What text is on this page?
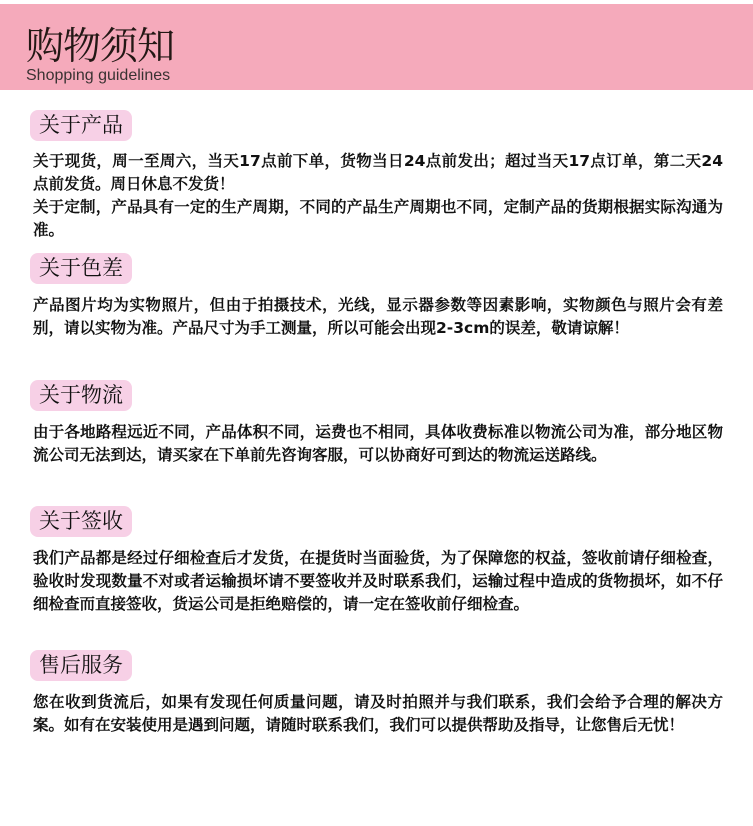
购物须知
Shopping guidelines
关于产品
关于现货，周一至周六，当天17点前下单，货物当日24点前发出；超过当天17点订单，第二天24点前发货。周日休息不发货！
关于定制，产品具有一定的生产周期，不同的产品生产周期也不同，定制产品的货期根据实际沟通为准。
关于色差
产品图片均为实物照片，但由于拍摄技术，光线，显示器参数等因素影响，实物颜色与照片会有差别，请以实物为准。产品尺寸为手工测量，所以可能会出现2-3cm的误差，敬请谅解！
关于物流
由于各地路程远近不同，产品体积不同，运费也不相同，具体收费标准以物流公司为准，部分地区物流公司无法到达，请买家在下单前先咨询客服，可以协商好可到达的物流运送路线。
关于签收
我们产品都是经过仔细检查后才发货，在提货时当面验货，为了保障您的权益，签收前请仔细检查，验收时发现数量不对或者运输损坏请不要签收并及时联系我们，运输过程中造成的货物损坏，如不仔细检查而直接签收，货运公司是拒绝赔偿的，请一定在签收前仔细检查。
售后服务
您在收到货流后，如果有发现任何质量问题，请及时拍照并与我们联系，我们会给予合理的解决方案。如有在安装使用是遇到问题，请随时联系我们，我们可以提供帮助及指导，让您售后无忧！
